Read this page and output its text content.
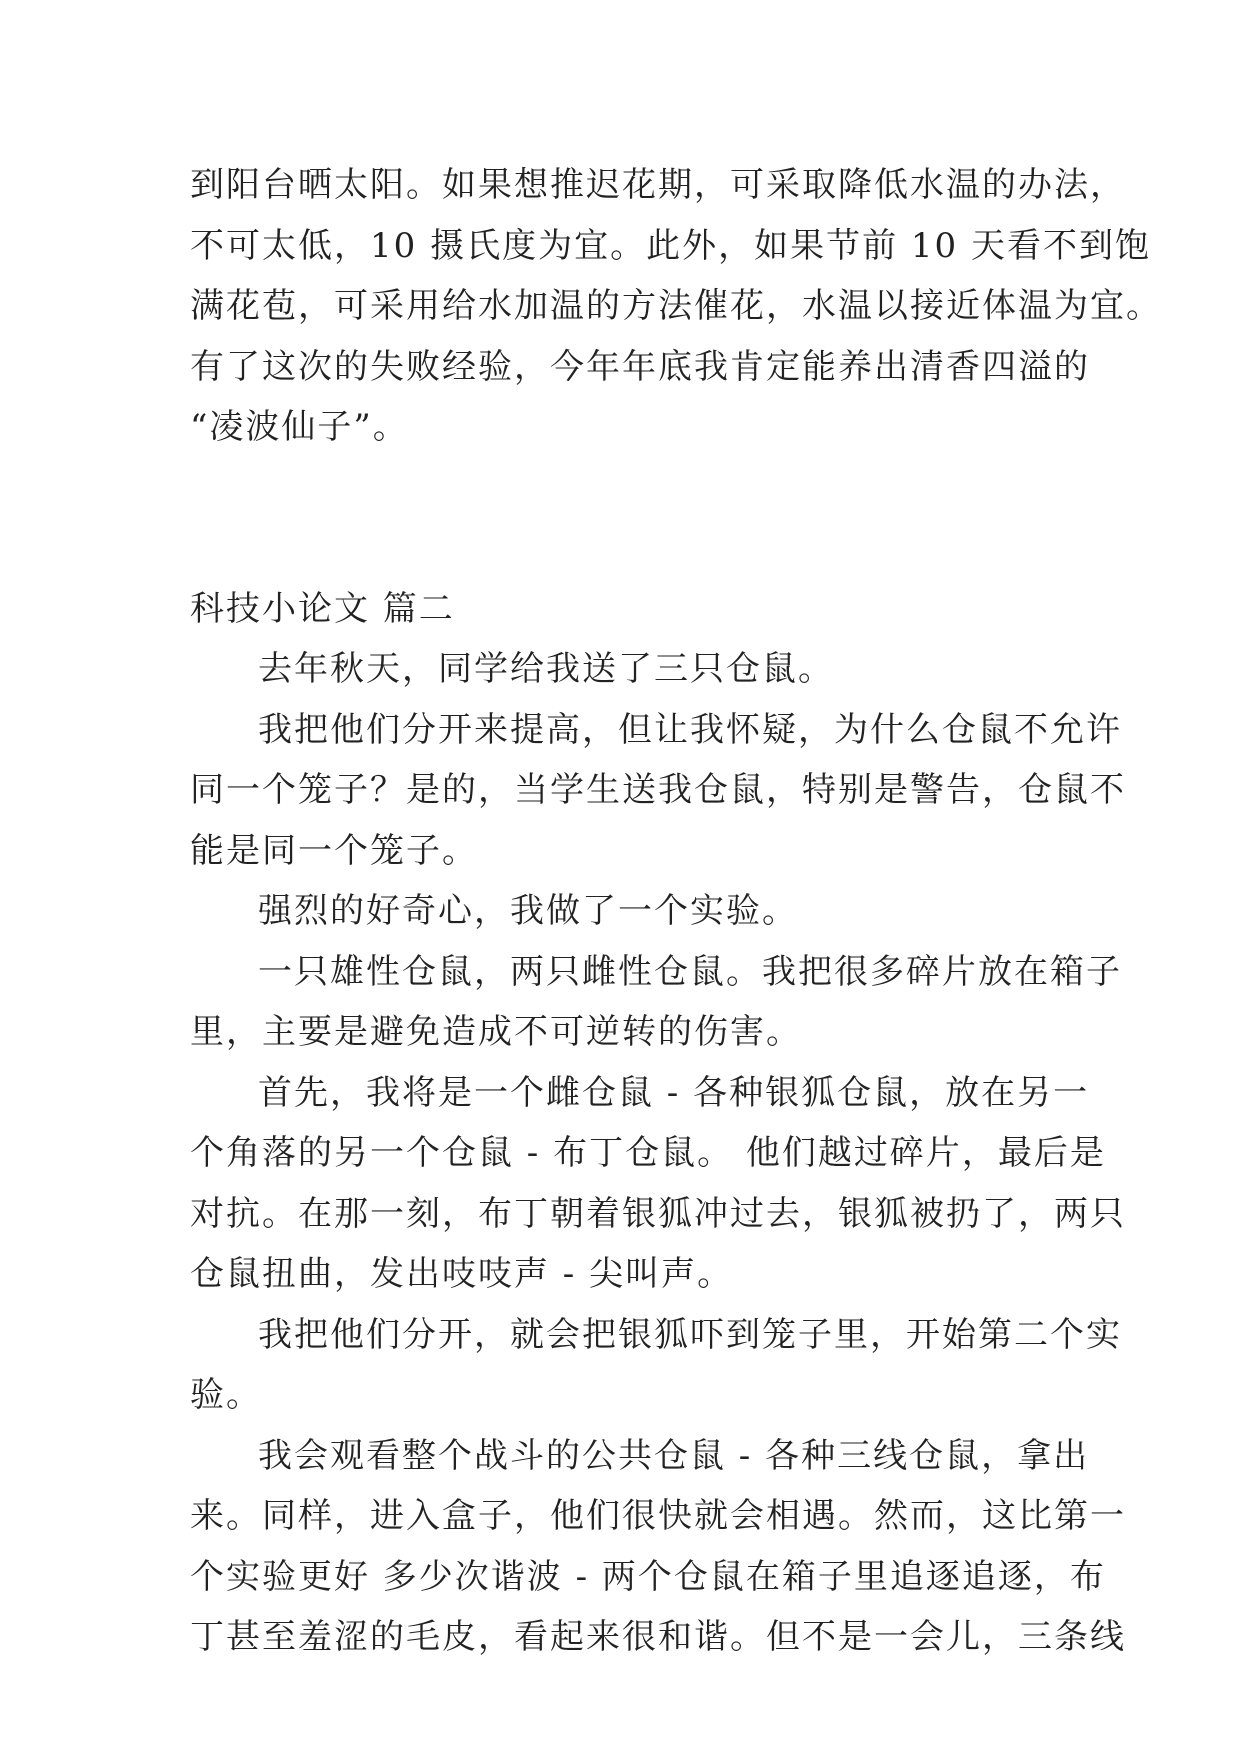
到阳台晒太阳。如果想推迟花期，可采取降低水温的办法，
不可太低，10 摄氏度为宜。此外，如果节前 10 天看不到饱
满花苞，可采用给水加温的方法催花，水温以接近体温为宜。
有了这次的失败经验，今年年底我肯定能养出清香四溢的
“凌波仙子”。
科技小论文 篇二
去年秋天，同学给我送了三只仓鼠。
我把他们分开来提高，但让我怀疑，为什么仓鼠不允许
同一个笼子？是的，当学生送我仓鼠，特别是警告，仓鼠不
能是同一个笼子。
强烈的好奇心，我做了一个实验。
一只雄性仓鼠，两只雌性仓鼠。我把很多碎片放在箱子
里，主要是避免造成不可逆转的伤害。
首先，我将是一个雌仓鼠 - 各种银狐仓鼠，放在另一
个角落的另一个仓鼠 - 布丁仓鼠。 他们越过碎片，最后是
对抗。在那一刻，布丁朝着银狐冲过去，银狐被扔了，两只
仓鼠扭曲，发出吱吱声 - 尖叫声。
我把他们分开，就会把银狐吓到笼子里，开始第二个实
验。
我会观看整个战斗的公共仓鼠 - 各种三线仓鼠，拿出
来。同样，进入盒子，他们很快就会相遇。然而，这比第一
个实验更好 多少次谐波 - 两个仓鼠在箱子里追逐追逐，布
丁甚至羞涩的毛皮，看起来很和谐。但不是一会儿，三条线
